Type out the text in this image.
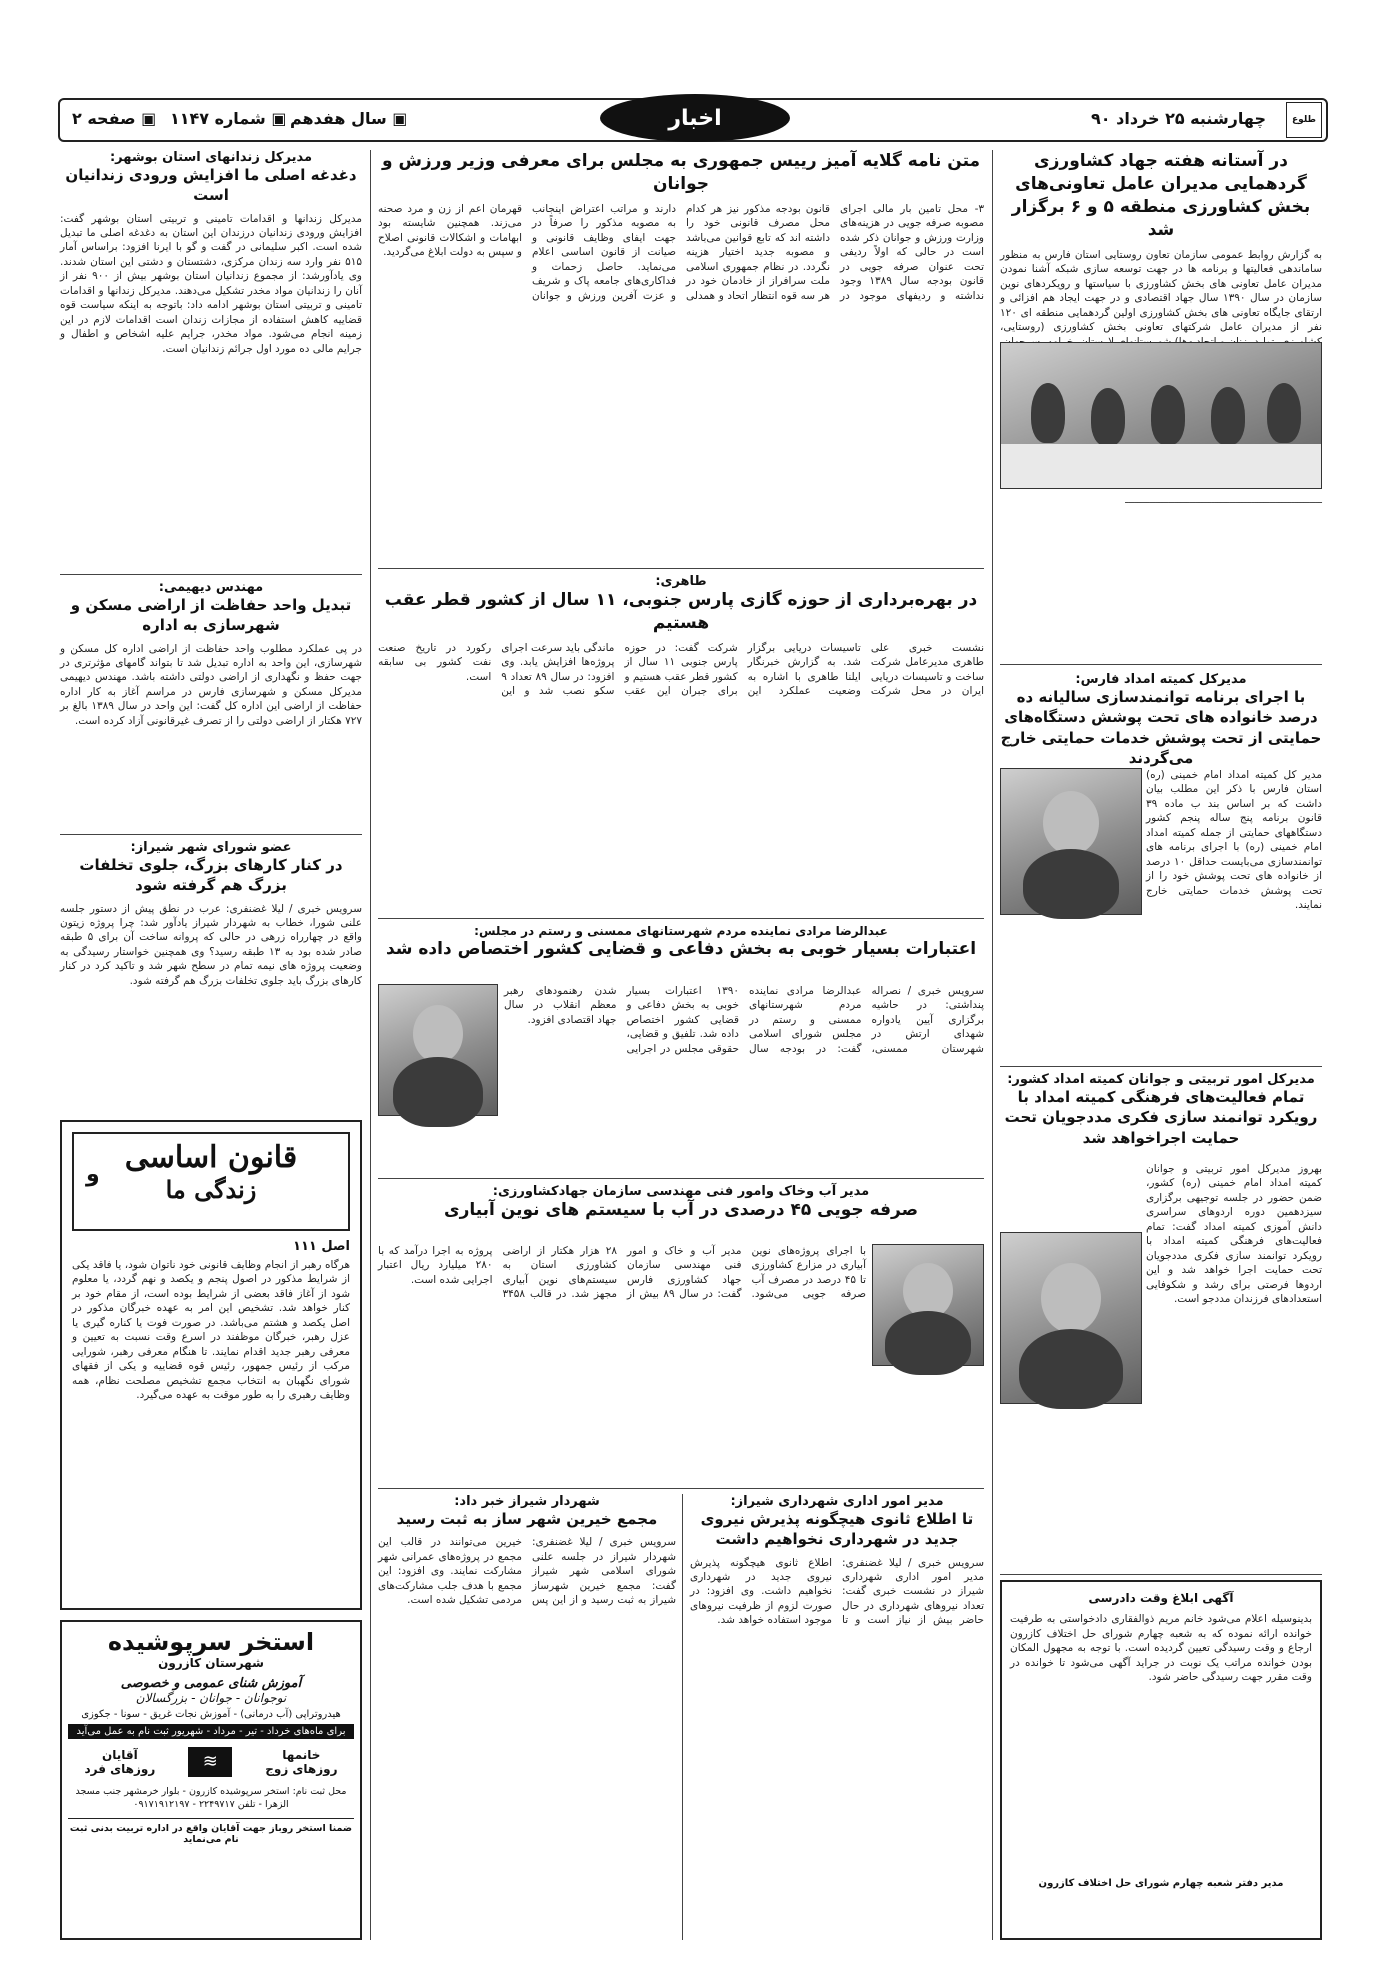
طلوع
چهارشنبه ۲۵ خرداد ۹۰
اخبار
▣ سال هفدهم
▣ شماره ۱۱۴۷
▣ صفحه ۲
در آستانه هفته جهاد کشاورزی گردهمایی مدیران عامل تعاونی‌های بخش کشاورزی منطقه ۵ و ۶ برگزار شد
به گزارش روابط عمومی سازمان تعاون روستایی استان فارس به منظور ساماندهی فعالیتها و برنامه ها در جهت توسعه سازی شبکه آشنا نمودن مدیران عامل تعاونی های بخش کشاورزی با سیاستها و رویکردهای نوین سازمان در سال ۱۳۹۰ سال جهاد اقتصادی و در جهت ایجاد هم افزائی و ارتقای جایگاه تعاونی های بخش کشاورزی اولین گردهمایی منطقه ای ۱۲۰ نفر از مدیران عامل شرکتهای تعاونی بخش کشاورزی (روستایی،
ــــــــــــــــــــــــــــــــــــــــــــــــــــــــــــــــ
مدیرکل کمیته امداد فارس:
با اجرای برنامه توانمندسازی سالیانه ده درصد خانواده های تحت پوشش دستگاه‌های حمایتی از تحت پوشش خدمات حمایتی خارج می‌گردند
مدیر کل کمیته امداد امام خمینی (ره) استان فارس با ذکر این مطلب بیان داشت که بر اساس بند ب ماده ۳۹ قانون برنامه پنج ساله پنجم کشور دستگاههای حمایتی از جمله کمیته امداد امام خمینی (ره) با اجرای برنامه های توانمندسازی می‌بایست حداقل ۱۰ درصد از خانواده های تحت پوشش خود را از تحت پوشش خدمات حمایتی خارج نمایند.
مدیرکل امور تربیتی و جوانان کمیته امداد کشور:
تمام فعالیت‌های فرهنگی کمیته امداد با رویکرد توانمند سازی فکری مددجویان تحت حمایت اجراخواهد شد
بهروز مدیرکل امور تربیتی و جوانان کمیته امداد امام خمینی (ره) کشور، ضمن حضور در جلسه توجیهی برگزاری سیزدهمین دوره اردوهای سراسری دانش آموزی کمیته امداد گفت: تمام فعالیت‌های فرهنگی کمیته امداد با رویکرد توانمند سازی فکری مددجویان تحت حمایت اجرا خواهد شد و این اردوها فرصتی برای رشد و شکوفایی استعدادهای فرزندان مددجو است.
آگهی ابلاغ وقت دادرسی
بدینوسیله اعلام می‌شود خانم مریم ذوالفقاری دادخواستی به طرفیت خوانده ارائه نموده که به شعبه چهارم شورای حل اختلاف کازرون ارجاع و وقت رسیدگی تعیین گردیده است. با توجه به مجهول المکان بودن خوانده مراتب یک نوبت در جراید آگهی می‌شود تا خوانده در وقت مقرر جهت رسیدگی حاضر شود.
مدیر دفتر شعبه چهارم شورای حل اختلاف کازرون
متن نامه گلایه آمیز رییس جمهوری به مجلس برای معرفی وزیر ورزش و جوانان
۳- محل تامین بار مالی اجرای مصوبه صرفه جویی در هزینه‌های وزارت ورزش و جوانان ذکر شده است در حالی که اولاً ردیفی تحت عنوان صرفه جویی در قانون بودجه سال ۱۳۸۹ وجود نداشته و ردیفهای موجود در قانون بودجه مذکور نیز هر کدام محل مصرف قانونی خود را داشته اند که تابع قوانین می‌باشد و مصوبه جدید اختیار هزینه نگردد. در نظام جمهوری اسلامی ملت سرافراز از خادمان خود در هر سه قوه انتظار اتحاد و همدلی دارند و مراتب اعتراض اینجانب به مصوبه مذکور را صرفاً در جهت ایفای وظایف قانونی و صیانت از قانون اساسی اعلام می‌نماید. حاصل زحمات و فداکاری‌های جامعه پاک و شریف و عزت آفرین ورزش و جوانان قهرمان اعم از زن و مرد صحنه می‌زند. همچنین شایسته بود ابهامات و اشکالات قانونی اصلاح و سپس به دولت ابلاغ می‌گردید.
طاهری:
در بهره‌برداری از حوزه گازی پارس جنوبی، ۱۱ سال از کشور قطر عقب هستیم
نشست خبری علی طاهری مدیرعامل شرکت ساخت و تاسیسات دریایی ایران در محل شرکت تاسیسات دریایی برگزار شد. به گزارش خبرنگار ایلنا طاهری با اشاره به وضعیت عملکرد این شرکت گفت: در حوزه پارس جنوبی ۱۱ سال از کشور قطر عقب هستیم و برای جبران این عقب ماندگی باید سرعت اجرای پروژه‌ها افزایش یابد. وی افزود: در سال ۸۹ تعداد ۹ سکو نصب شد و این رکورد در تاریخ صنعت نفت کشور بی سابقه است.
عبدالرضا مرادی نماینده مردم شهرستانهای ممسنی و رستم در مجلس:
اعتبارات بسیار خوبی به بخش دفاعی و قضایی کشور اختصاص داده شد
سرویس خبری / نصراله پنداشتی: در حاشیه برگزاری آیین یادواره شهدای ارتش در شهرستان ممسنی، عبدالرضا مرادی نماینده مردم شهرستانهای ممسنی و رستم در مجلس شورای اسلامی گفت: در بودجه سال ۱۳۹۰ اعتبارات بسیار خوبی به بخش دفاعی و قضایی کشور اختصاص داده شد. تلفیق و قضایی، حقوقی مجلس در اجرایی شدن رهنمودهای رهبر معظم انقلاب در سال جهاد اقتصادی افزود.
مدیر آب وخاک وامور فنی مهندسی سازمان جهادکشاورزی:
صرفه جویی ۴۵ درصدی در آب با سیستم های نوین آبیاری
با اجرای پروژه‌های نوین آبیاری در مزارع کشاورزی تا ۴۵ درصد در مصرف آب صرفه جویی می‌شود. مدیر آب و خاک و امور فنی مهندسی سازمان جهاد کشاورزی فارس گفت: در سال ۸۹ بیش از ۲۸ هزار هکتار از اراضی کشاورزی استان به سیستم‌های نوین آبیاری مجهز شد. در قالب ۳۴۵۸ پروژه به اجرا درآمد که با ۲۸۰ میلیارد ریال اعتبار اجرایی شده است.
مدیر امور اداری شهرداری شیراز:
تا اطلاع ثانوی هیچگونه پذیرش نیروی جدید در شهرداری نخواهیم داشت
سرویس خبری / لیلا غضنفری: مدیر امور اداری شهرداری شیراز در نشست خبری گفت: تعداد نیروهای شهرداری در حال حاضر بیش از نیاز است و تا اطلاع ثانوی هیچگونه پذیرش نیروی جدید در شهرداری نخواهیم داشت. وی افزود: در صورت لزوم از ظرفیت نیروهای موجود استفاده خواهد شد.
شهردار شیراز خبر داد:
مجمع خیرین شهر ساز به ثبت رسید
سرویس خبری / لیلا غضنفری: شهردار شیراز در جلسه علنی شورای اسلامی شهر شیراز گفت: مجمع خیرین شهرساز شیراز به ثبت رسید و از این پس خیرین می‌توانند در قالب این مجمع در پروژه‌های عمرانی شهر مشارکت نمایند. وی افزود: این مجمع با هدف جلب مشارکت‌های مردمی تشکیل شده است.
مدیرکل زندانهای استان بوشهر:
دغدغه اصلی ما افزایش ورودی زندانیان است
مدیرکل زندانها و اقدامات تامینی و تربیتی استان بوشهر گفت: افزایش ورودی زندانیان درزندان این استان به دغدغه اصلی ما تبدیل شده است. اکبر سلیمانی در گفت و گو با ایرنا افزود: براساس آمار ۵۱۵ نفر وارد سه زندان مرکزی، دشتستان و دشتی این استان شدند. وی یادآورشد: از مجموع زندانیان استان بوشهر بیش از ۹۰۰ نفر از آنان را زندانیان مواد مخدر تشکیل می‌دهند. مدیرکل زندانها و اقدامات تامینی و تربیتی استان بوشهر ادامه داد: باتوجه به اینکه سیاست قوه قضاییه کاهش استفاده از مجازات زندان است اقدامات لازم در این زمینه انجام می‌شود. مواد مخدر، جرایم علیه اشخاص و اطفال و جرایم مالی ده مورد اول جرائم زندانیان است.
مهندس دیهیمی:
تبدیل واحد حفاظت از اراضی مسکن و شهرسازی به اداره
در پی عملکرد مطلوب واحد حفاظت از اراضی اداره کل مسکن و شهرسازی، این واحد به اداره تبدیل شد تا بتواند گامهای مؤثرتری در جهت حفظ و نگهداری از اراضی دولتی داشته باشد. مهندس دیهیمی مدیرکل مسکن و شهرسازی فارس در مراسم آغاز به کار اداره حفاظت از اراضی این اداره کل گفت: این واحد در سال ۱۳۸۹ بالغ بر ۷۲۷ هکتار از اراضی دولتی را از تصرف غیرقانونی آزاد کرده است.
عضو شورای شهر شیراز:
در کنار کارهای بزرگ، جلوی تخلفات بزرگ هم گرفته شود
سرویس خبری / لیلا غضنفری: عرب در نطق پیش از دستور جلسه علنی شورا، خطاب به شهردار شیراز یادآور شد: چرا پروژه زیتون واقع در چهارراه زرهی در حالی که پروانه ساخت آن برای ۵ طبقه صادر شده بود به ۱۳ طبقه رسید؟ وی همچنین خواستار رسیدگی به وضعیت پروژه های نیمه تمام در سطح شهر شد و تاکید کرد در کنار کارهای بزرگ باید جلوی تخلفات بزرگ هم گرفته شود.
قانون اساسی
زندگی ما
و
اصل ۱۱۱
هرگاه رهبر از انجام وظایف قانونی خود ناتوان شود، یا فاقد یکی از شرایط مذکور در اصول پنجم و یکصد و نهم گردد، یا معلوم شود از آغاز فاقد بعضی از شرایط بوده است، از مقام خود بر کنار خواهد شد. تشخیص این امر به عهده خبرگان مذکور در اصل یکصد و هشتم می‌باشد. در صورت فوت یا کناره گیری یا عزل رهبر، خبرگان موظفند در اسرع وقت نسبت به تعیین و معرفی رهبر جدید اقدام نمایند. تا هنگام معرفی رهبر، شورایی مرکب از رئیس جمهور، رئیس قوه قضاییه و یکی از فقهای شورای نگهبان به انتخاب مجمع تشخیص مصلحت نظام، همه وظایف رهبری را به طور موقت به عهده می‌گیرد.
استخر سرپوشیده
شهرستان کازرون
آموزش شنای عمومی و خصوصی
نوجوانان - جوانان - بزرگسالان
هیدروتراپی (آب درمانی) - آموزش نجات غریق - سونا - جکوزی
برای ماه‌های خرداد - تیر - مرداد - شهریور ثبت نام به عمل می‌آید
خانمها
روزهای زوج
≋
آقایان
روزهای فرد
محل ثبت نام: استخر سرپوشیده کازرون - بلوار خرمشهر جنب مسجد الزهرا - تلفن ۲۲۴۹۷۱۷ - ۰۹۱۷۱۹۱۲۱۹۷
ضمنا استخر روباز جهت آقایان واقع در اداره تربیت بدنی ثبت نام می‌نماید
